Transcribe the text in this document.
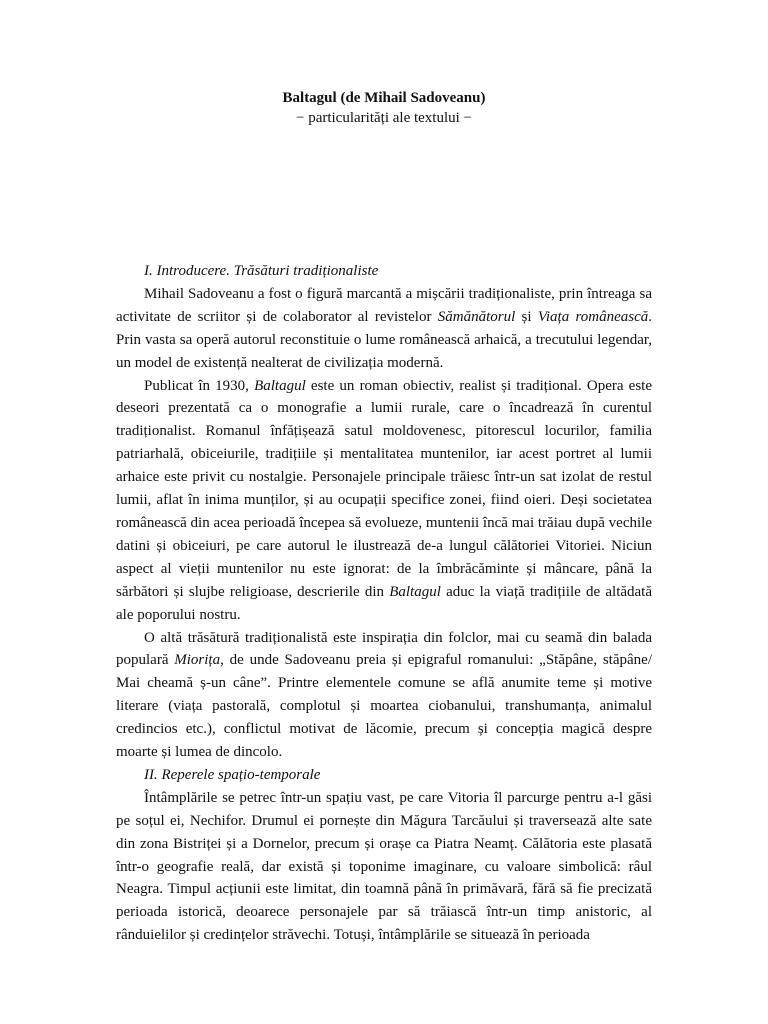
Baltagul (de Mihail Sadoveanu)

− particularități ale textului −

I. Introducere. Trăsături tradiționaliste

Mihail Sadoveanu a fost o figură marcantă a mișcării tradiționaliste, prin întreaga sa activitate de scriitor și de colaborator al revistelor Sămănătorul și Viața românească. Prin vasta sa operă autorul reconstituie o lume românească arhaică, a trecutului legendar, un model de existență nealterat de civilizația modernă.

Publicat în 1930, Baltagul este un roman obiectiv, realist și tradițional. Opera este deseori prezentată ca o monografie a lumii rurale, care o încadrează în curentul tradiționalist. Romanul înfățișează satul moldovenesc, pitorescul locurilor, familia patriarhală, obiceiurile, tradițiile și mentalitatea muntenilor, iar acest portret al lumii arhaice este privit cu nostalgie. Personajele principale trăiesc într-un sat izolat de restul lumii, aflat în inima munților, și au ocupații specifice zonei, fiind oieri. Deși societatea românească din acea perioadă începea să evolueze, muntenii încă mai trăiau după vechile datini și obiceiuri, pe care autorul le ilustrează de-a lungul călătoriei Vitoriei. Niciun aspect al vieții muntenilor nu este ignorat: de la îmbrăcăminte și mâncare, până la sărbători și slujbe religioase, descrierile din Baltagul aduc la viață tradițiile de altădată ale poporului nostru.

O altă trăsătură tradiționalistă este inspirația din folclor, mai cu seamă din balada populară Miorița, de unde Sadoveanu preia și epigraful romanului: „Stăpâne, stăpâne/ Mai cheamă ș-un câne”. Printre elementele comune se află anumite teme și motive literare (viața pastorală, complotul și moartea ciobanului, transhumanța, animalul credincios etc.), conflictul motivat de lăcomie, precum și concepția magică despre moarte și lumea de dincolo.

II. Reperele spațio-temporale

Întâmplările se petrec într-un spațiu vast, pe care Vitoria îl parcurge pentru a-l găsi pe soțul ei, Nechifor. Drumul ei pornește din Măgura Tarcăului și traversează alte sate din zona Bistriței și a Dornelor, precum și orașe ca Piatra Neamț. Călătoria este plasată într-o geografie reală, dar există și toponime imaginare, cu valoare simbolică: râul Neagra. Timpul acțiunii este limitat, din toamnă până în primăvară, fără să fie precizată perioada istorică, deoarece personajele par să trăiască într-un timp anistoric, al rânduielilor și credințelor străvechi. Totuși, întâmplările se situează în perioada
